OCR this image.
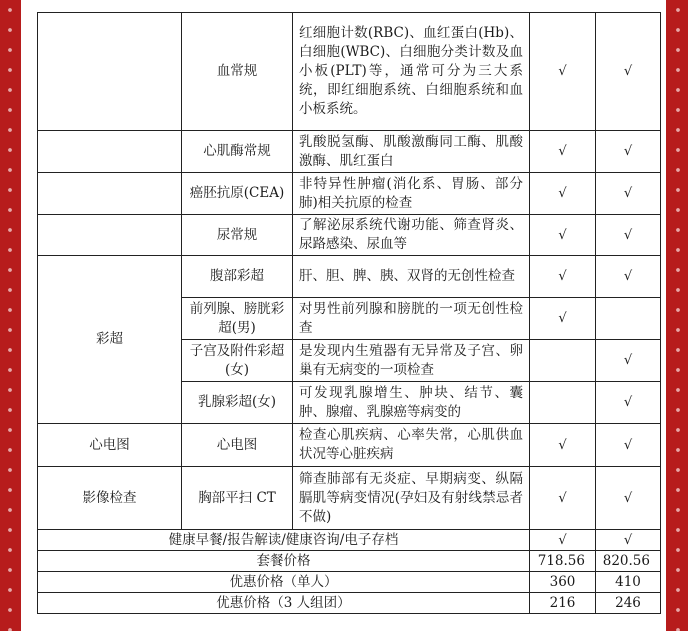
	血常规	红细胞计数(RBC)、血红蛋白(Hb)、白细胞(WBC)、白细胞分类计数及血小板(PLT)等，通常可分为三大系统，即红细胞系统、白细胞系统和血小板系统。	√	√
	心肌酶常规	乳酸脱氢酶、肌酸激酶同工酶、肌酸激酶、肌红蛋白	√	√
	癌胚抗原(CEA)	非特异性肿瘤(消化系、胃肠、部分肺)相关抗原的检查	√	√
	尿常规	了解泌尿系统代谢功能、筛查肾炎、尿路感染、尿血等	√	√
彩超	腹部彩超	肝、胆、脾、胰、双肾的无创性检查	√	√
	前列腺、膀胱彩超(男)	对男性前列腺和膀胱的一项无创性检查	√	
	子宫及附件彩超(女)	是发现内生殖器有无异常及子宫、卵巢有无病变的一项检查		√
	乳腺彩超(女)	可发现乳腺增生、肿块、结节、囊肿、腺瘤、乳腺癌等病变的		√
心电图	心电图	检查心肌疾病、心率失常，心肌供血状况等心脏疾病	√	√
影像检查	胸部平扫 CT	筛查肺部有无炎症、早期病变、纵隔膈肌等病变情况(孕妇及有射线禁忌者不做)	√	√
健康早餐/报告解读/健康咨询/电子存档			√	√
套餐价格			718.56	820.56
优惠价格（单人）			360	410
优惠价格（3 人组团）			216	246
